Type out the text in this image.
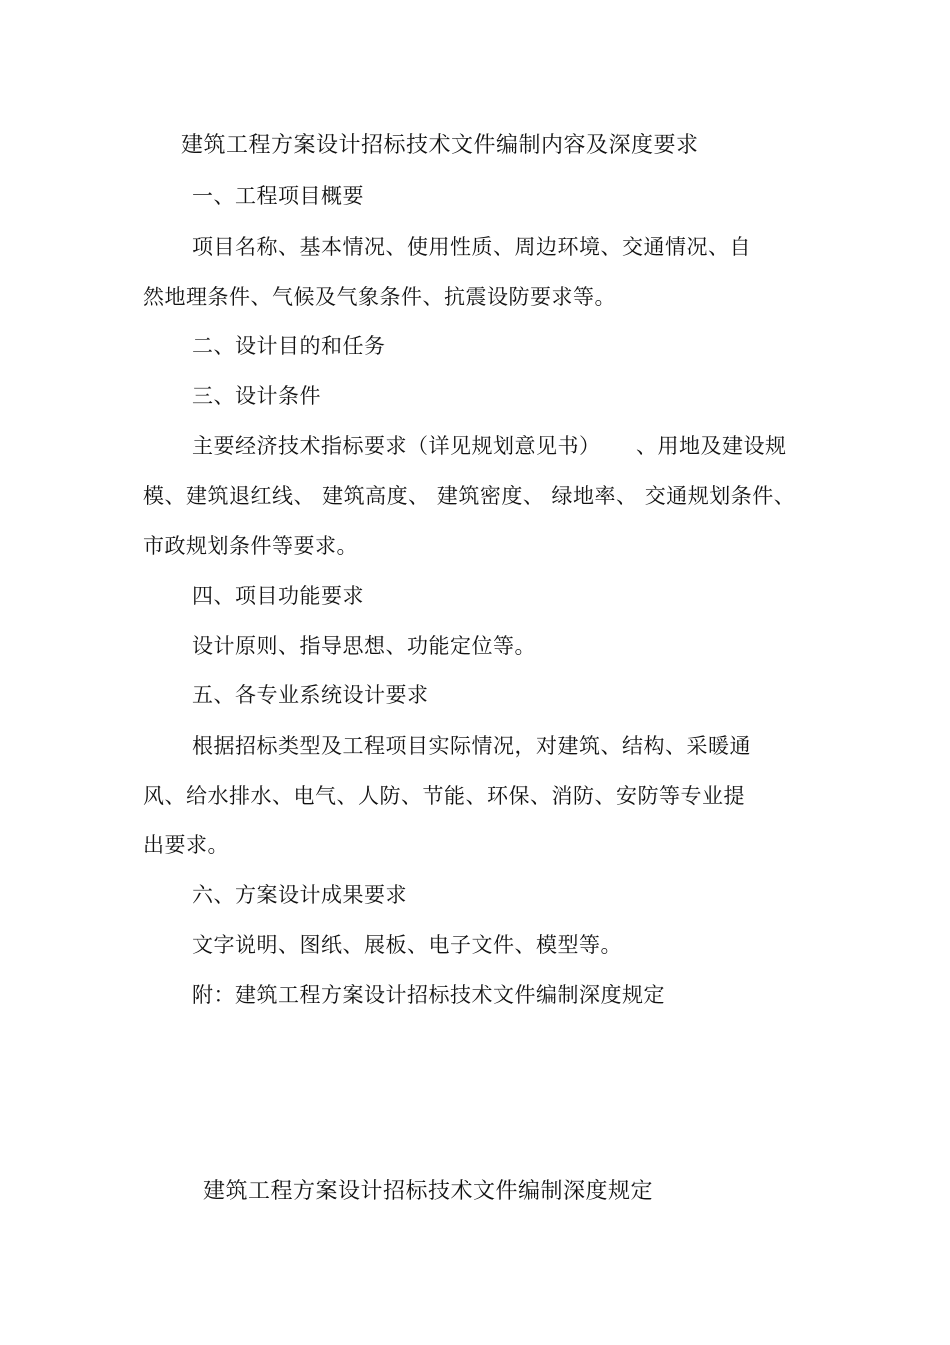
建筑工程方案设计招标技术文件编制内容及深度要求
一、工程项目概要
项目名称、基本情况、使用性质、周边环境、交通情况、自
然地理条件、气候及气象条件、抗震设防要求等。
二、设计目的和任务
三、设计条件
主要经济技术指标要求（详见规划意见书） 、用地及建设规
模、建筑退红线、 建筑高度、 建筑密度、 绿地率、 交通规划条件、
市政规划条件等要求。
四、项目功能要求
设计原则、指导思想、功能定位等。
五、各专业系统设计要求
根据招标类型及工程项目实际情况，对建筑、结构、采暖通
风、给水排水、电气、人防、节能、环保、消防、安防等专业提
出要求。
六、方案设计成果要求
文字说明、图纸、展板、电子文件、模型等。
附：建筑工程方案设计招标技术文件编制深度规定
建筑工程方案设计招标技术文件编制深度规定
